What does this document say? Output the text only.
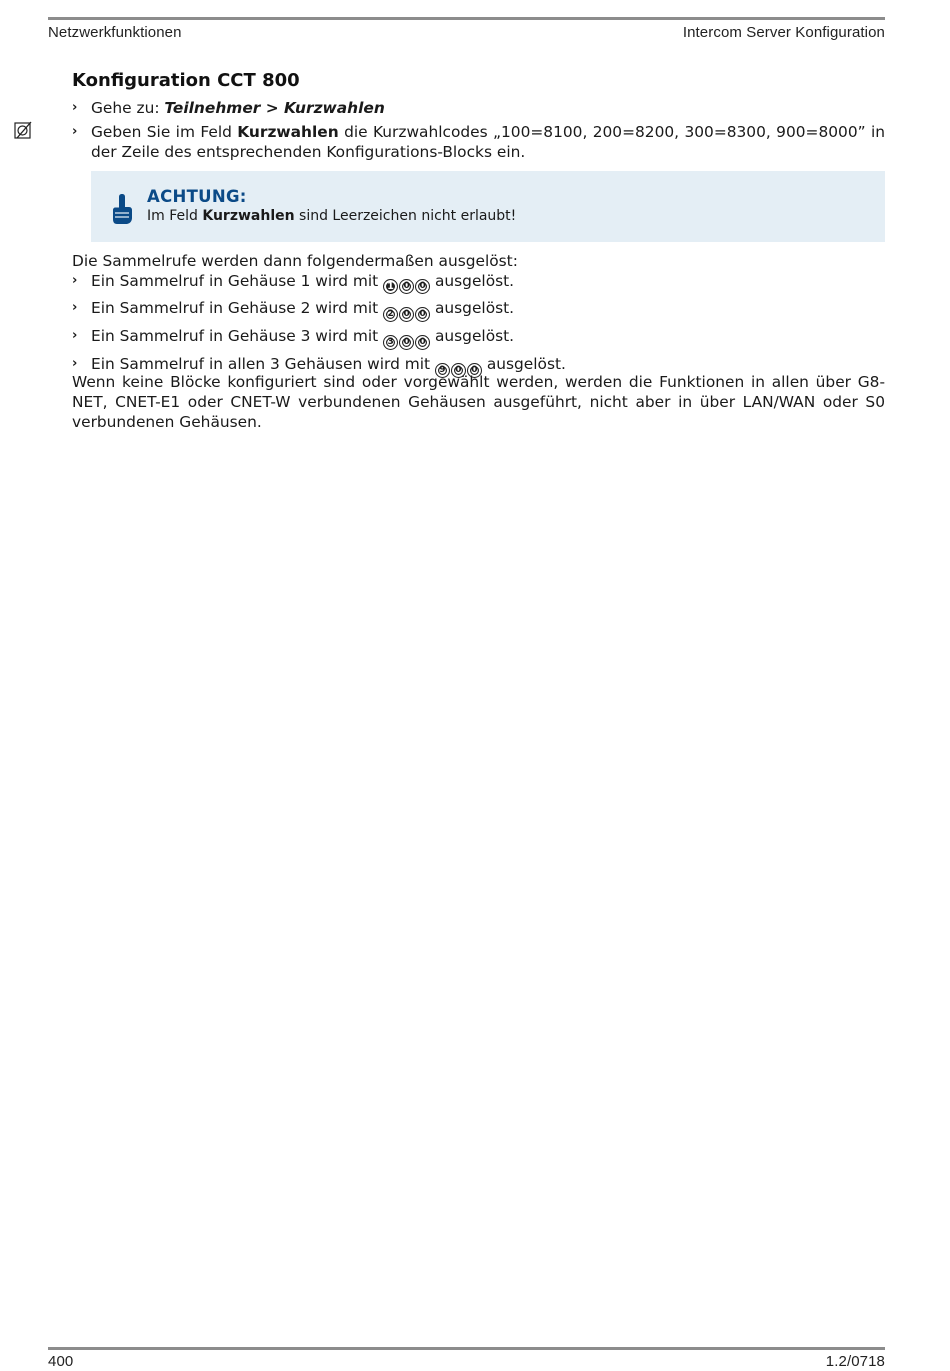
Netzwerkfunktionen	Intercom Server Konfiguration
Konfiguration CCT 800
› Gehe zu: Teilnehmer > Kurzwahlen
› Geben Sie im Feld Kurzwahlen die Kurzwahlcodes „100=8100, 200=8200, 300=8300, 900=8000” in der Zeile des entsprechenden Konfigurations-Blocks ein.
ACHTUNG:
Im Feld Kurzwahlen sind Leerzeichen nicht erlaubt!
Die Sammelrufe werden dann folgendermaßen ausgelöst:
› Ein Sammelruf in Gehäuse 1 wird mit 1	0	0 ausgelöst.
› Ein Sammelruf in Gehäuse 2 wird mit 2	0	0 ausgelöst.
› Ein Sammelruf in Gehäuse 3 wird mit 3	0	0 ausgelöst.
› Ein Sammelruf in allen 3 Gehäusen wird mit 9	0	0 ausgelöst.
Wenn keine Blöcke konfiguriert sind oder vorgewählt werden, werden die Funktionen in allen über G8-NET, CNET-E1 oder CNET-W verbundenen Gehäusen ausgeführt, nicht aber in über LAN/WAN oder S0 verbundenen Gehäusen.
400	1.2/0718
